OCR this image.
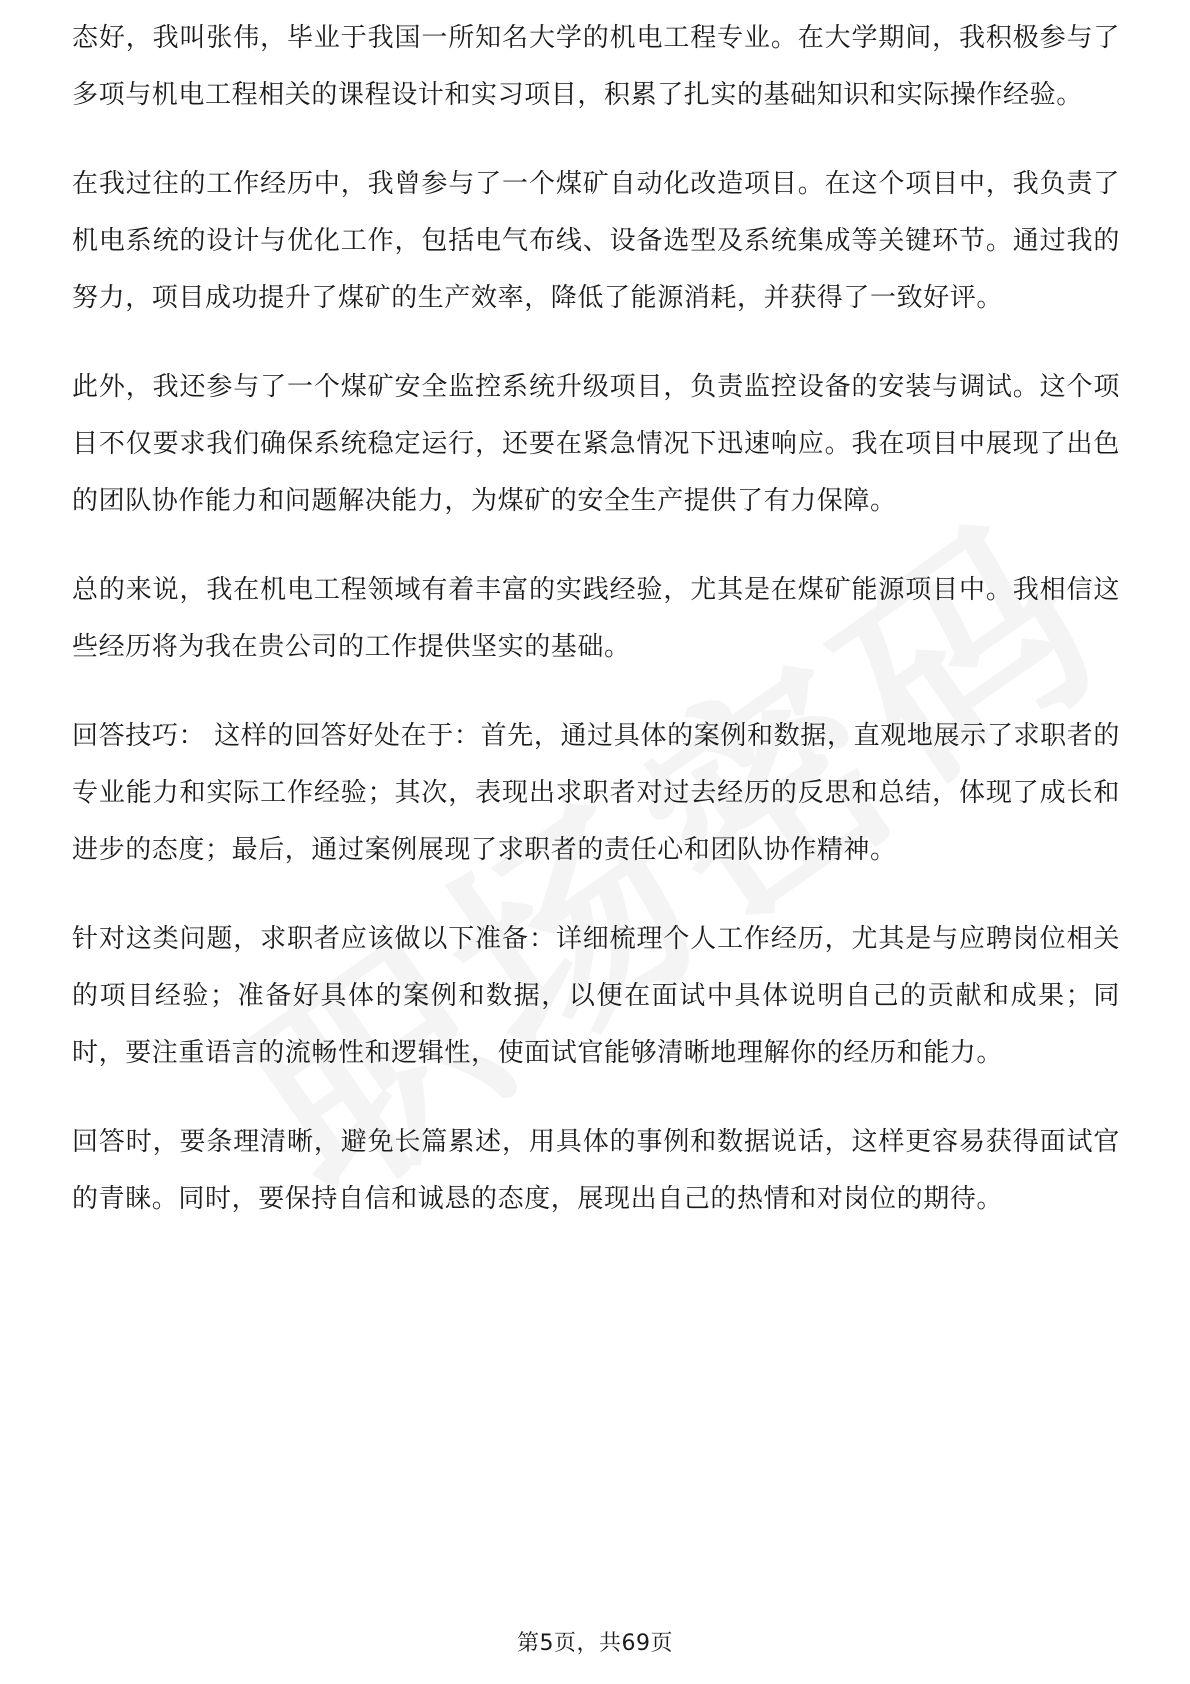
态好，我叫张伟，毕业于我国一所知名大学的机电工程专业。在大学期间，我积极参与了多项与机电工程相关的课程设计和实习项目，积累了扎实的基础知识和实际操作经验。

在我过往的工作经历中，我曾参与了一个煤矿自动化改造项目。在这个项目中，我负责了机电系统的设计与优化工作，包括电气布线、设备选型及系统集成等关键环节。通过我的努力，项目成功提升了煤矿的生产效率，降低了能源消耗，并获得了一致好评。

此外，我还参与了一个煤矿安全监控系统升级项目，负责监控设备的安装与调试。这个项目不仅要求我们确保系统稳定运行，还要在紧急情况下迅速响应。我在项目中展现了出色的团队协作能力和问题解决能力，为煤矿的安全生产提供了有力保障。

总的来说，我在机电工程领域有着丰富的实践经验，尤其是在煤矿能源项目中。我相信这些经历将为我在贵公司的工作提供坚实的基础。

回答技巧： 这样的回答好处在于：首先，通过具体的案例和数据，直观地展示了求职者的专业能力和实际工作经验；其次，表现出求职者对过去经历的反思和总结，体现了成长和进步的态度；最后，通过案例展现了求职者的责任心和团队协作精神。

针对这类问题，求职者应该做以下准备：详细梳理个人工作经历，尤其是与应聘岗位相关的项目经验；准备好具体的案例和数据，以便在面试中具体说明自己的贡献和成果；同时，要注重语言的流畅性和逻辑性，使面试官能够清晰地理解你的经历和能力。

回答时，要条理清晰，避免长篇累述，用具体的事例和数据说话，这样更容易获得面试官的青睐。同时，要保持自信和诚恳的态度，展现出自己的热情和对岗位的期待。

第5页，共69页
